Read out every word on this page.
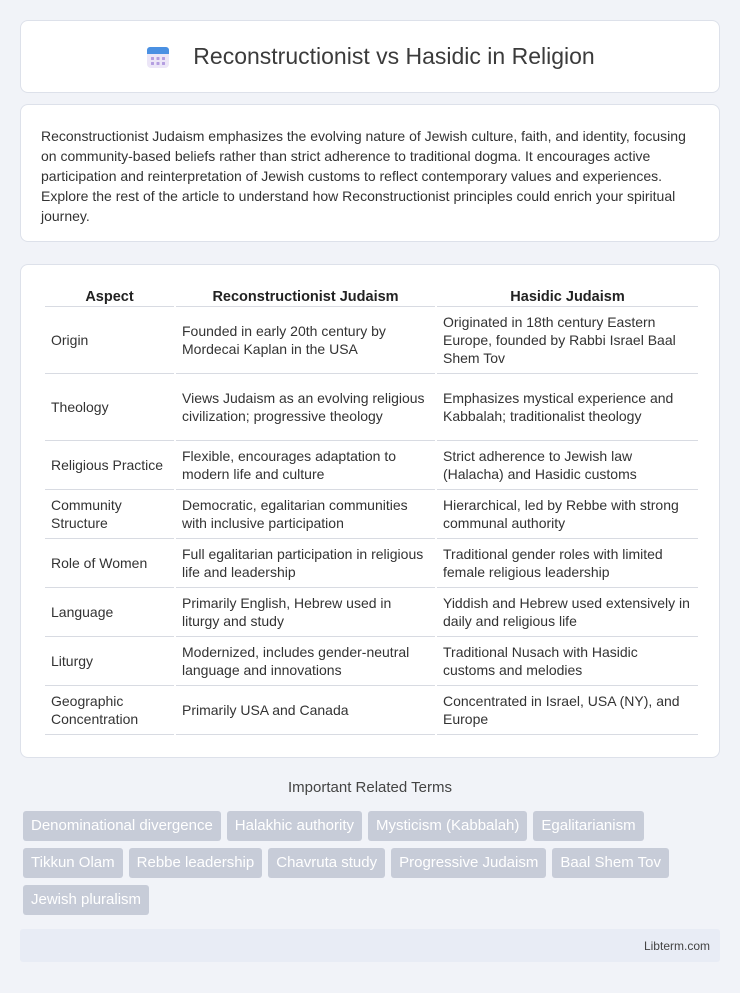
Reconstructionist vs Hasidic in Religion

Reconstructionist Judaism emphasizes the evolving nature of Jewish culture, faith, and identity, focusing on community-based beliefs rather than strict adherence to traditional dogma. It encourages active participation and reinterpretation of Jewish customs to reflect contemporary values and experiences. Explore the rest of the article to understand how Reconstructionist principles could enrich your spiritual journey.

Aspect	Reconstructionist Judaism	Hasidic Judaism
Origin	Founded in early 20th century by Mordecai Kaplan in the USA	Originated in 18th century Eastern Europe, founded by Rabbi Israel Baal Shem Tov
Theology	Views Judaism as an evolving religious civilization; progressive theology	Emphasizes mystical experience and Kabbalah; traditionalist theology
Religious Practice	Flexible, encourages adaptation to modern life and culture	Strict adherence to Jewish law (Halacha) and Hasidic customs
Community Structure	Democratic, egalitarian communities with inclusive participation	Hierarchical, led by Rebbe with strong communal authority
Role of Women	Full egalitarian participation in religious life and leadership	Traditional gender roles with limited female religious leadership
Language	Primarily English, Hebrew used in liturgy and study	Yiddish and Hebrew used extensively in daily and religious life
Liturgy	Modernized, includes gender-neutral language and innovations	Traditional Nusach with Hasidic customs and melodies
Geographic Concentration	Primarily USA and Canada	Concentrated in Israel, USA (NY), and Europe
Important Related Terms
Denominational divergence	Halakhic authority	Mysticism (Kabbalah)	Egalitarianism
Tikkun Olam	Rebbe leadership	Chavruta study	Progressive Judaism	Baal Shem Tov
Jewish pluralism
Libterm.com
